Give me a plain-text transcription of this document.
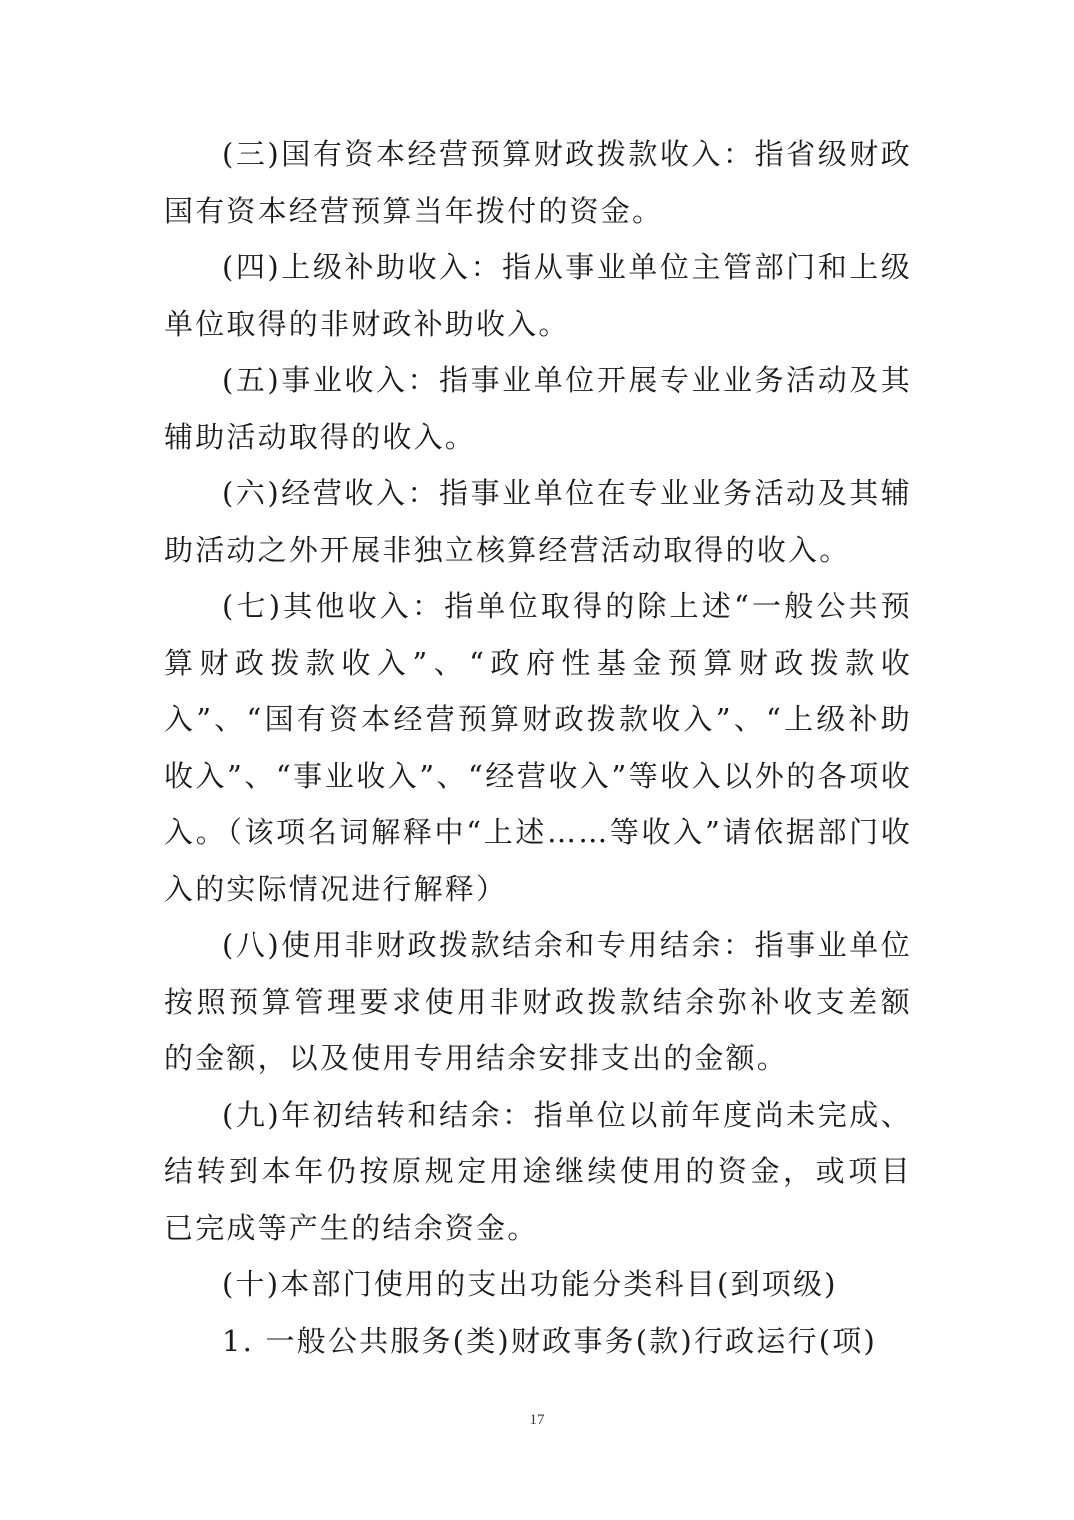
(三)国有资本经营预算财政拨款收入：指省级财政国有资本经营预算当年拨付的资金。

(四)上级补助收入：指从事业单位主管部门和上级单位取得的非财政补助收入。

(五)事业收入：指事业单位开展专业业务活动及其辅助活动取得的收入。

(六)经营收入：指事业单位在专业业务活动及其辅助活动之外开展非独立核算经营活动取得的收入。

(七)其他收入：指单位取得的除上述“一般公共预算财政拨款收入”、“政府性基金预算财政拨款收入”、“国有资本经营预算财政拨款收入”、“上级补助收入”、“事业收入”、“经营收入”等收入以外的各项收入。（该项名词解释中“上述……等收入”请依据部门收入的实际情况进行解释）

(八)使用非财政拨款结余和专用结余：指事业单位按照预算管理要求使用非财政拨款结余弥补收支差额的金额，以及使用专用结余安排支出的金额。

(九)年初结转和结余：指单位以前年度尚未完成、结转到本年仍按原规定用途继续使用的资金，或项目已完成等产生的结余资金。

(十)本部门使用的支出功能分类科目(到项级)

1. 一般公共服务(类)财政事务(款)行政运行(项)

17
